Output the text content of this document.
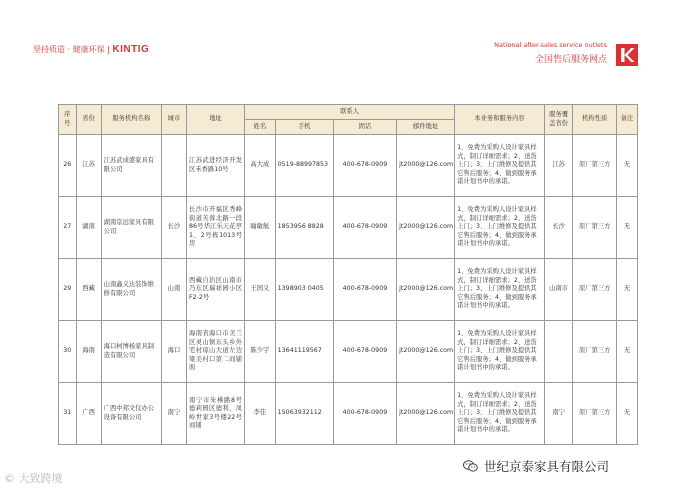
坚持质造 · 健康环保 | KINTIG	National after-sales service outlets
全国售后服务网点
序号	省份	服务机构名称	城市	地址	联系人				本业务和服务内容	服务覆盖省份	机构性质	备注
					姓名	手机	固话	邮件地址				
26	江苏	江苏武成盛家具有限公司		江苏武进经济开发区禾香路10号	高大成	0519-88997853	400-678-0909	jt2000@126.com	1、免费为采购人设计家具样式，制订详细需求；2、送货上门；3、上门维修及提供其它售后服务；4、做到服务承诺计划书中的承诺。	江苏	原厂第三方	无
27	湖南	湖南京远家具有限公司	长沙	长沙市开福区秀峰街道芙蓉北路一段86号华江乐天花亭1、2号栋1013号房	喻敏航	1853956 8828	400-678-0909	jt2000@126.com	1、免费为采购人设计家具样式，制订详细需求；2、送货上门；3、上门维修及提供其它售后服务；4、做到服务承诺计划书中的承诺。	长沙	原厂第三方	无
29	西藏	山南鑫义达装饰维修有限公司	山南	西藏自治区山南市乃东区瑞祥园小区F2-2号	王国义	1398903 0405	400-678-0909	jt2000@126.com	1、免费为采购人设计家具样式，制订详细需求；2、送货上门；3、上门维修及提供其它售后服务；4、做到服务承诺计划书中的承诺。	山南市	原厂第三方	无
30	海南	海口柯博杨家具制造有限公司	海口	海南省海口市美兰区灵山镇东头乡外宅村琼山大道左边梁美村口第二间铺面	陈少宇	13641119567	400-678-0909	jt2000@126.com	1、免费为采购人设计家具样式，制订详细需求；2、送货上门；3、上门维修及提供其它售后服务；4、做到服务承诺计划书中的承诺。		原厂第三方	无
31	广西	广西中邦文仪办公设备有限公司	南宁	南宁市朱槿路8号德莉园区德利，凤岭世家3号楼22号商铺	李佳	15063932112	400-678-0909	jt2000@126.com	1、免费为采购人设计家具样式，制订详细需求；2、送货上门；3、上门维修及提供其它售后服务；4、做到服务承诺计划书中的承诺。	南宁	原厂第三方	无
© 大致跨境
世纪京泰家具有限公司
